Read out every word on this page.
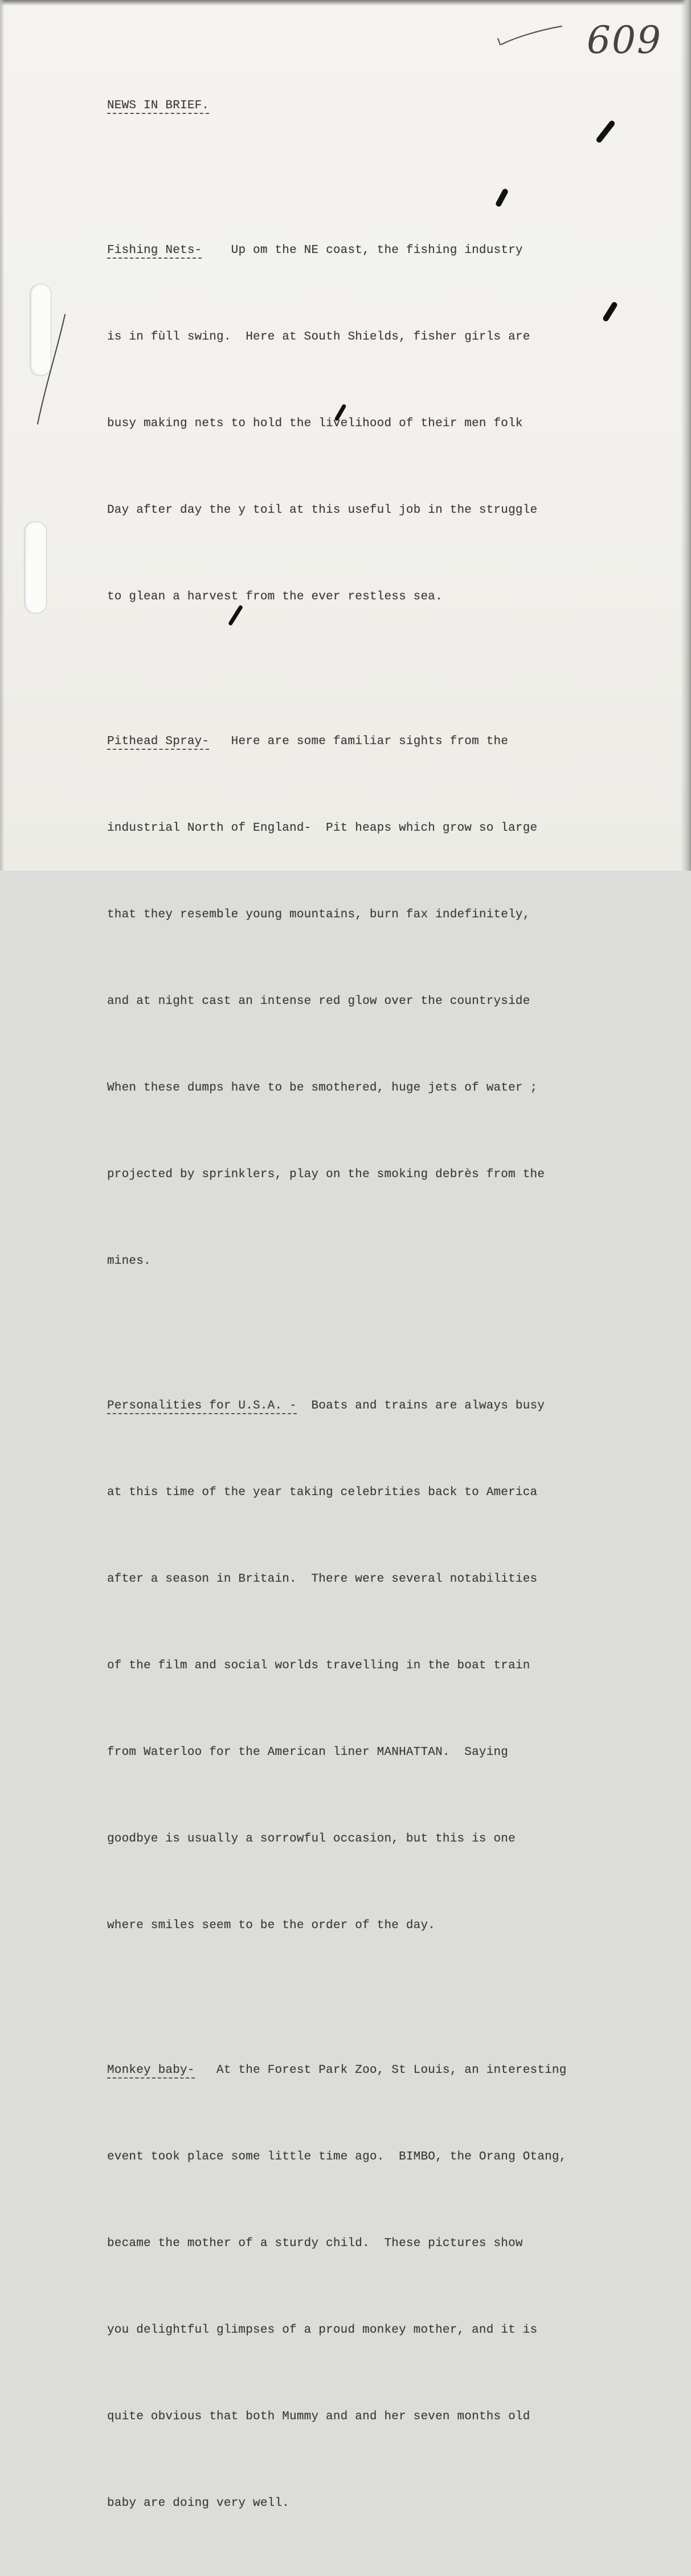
609

NEWS IN BRIEF.

Fishing Nets- Up om the NE coast, the fishing industry

is in fùll swing.  Here at South Shields, fisher girls are

busy making nets to hold the livelihood of their men folk

Day after day the y toil at this useful job in the struggle

to glean a harvest from the ever restless sea.

Pithead Spray- Here are some familiar sights from the

industrial North of England-  Pit heaps which grow so large

that they resemble young mountains, burn fax indefinitely,

and at night cast an intense red glow over the countryside

When these dumps have to be smothered, huge jets of water ;

projected by sprinklers, play on the smoking debrès from the

mines.

Personalities for U.S.A. - Boats and trains are always busy

at this time of the year taking celebrities back to America

after a season in Britain.  There were several notabilities

of the film and social worlds travelling in the boat train

from Waterloo for the American liner MANHATTAN.  Saying

goodbye is usually a sorrowful occasion, but this is one

where smiles seem to be the order of the day.

Monkey baby- At the Forest Park Zoo, St Louis, an interesting

event took place some little time ago.  BIMBO, the Orang Otang,

became the mother of a sturdy child.  These pictures show

you delightful glimpses of a proud monkey mother, and it is

quite obvious that both Mummy and and her seven months old

baby are doing very well.
